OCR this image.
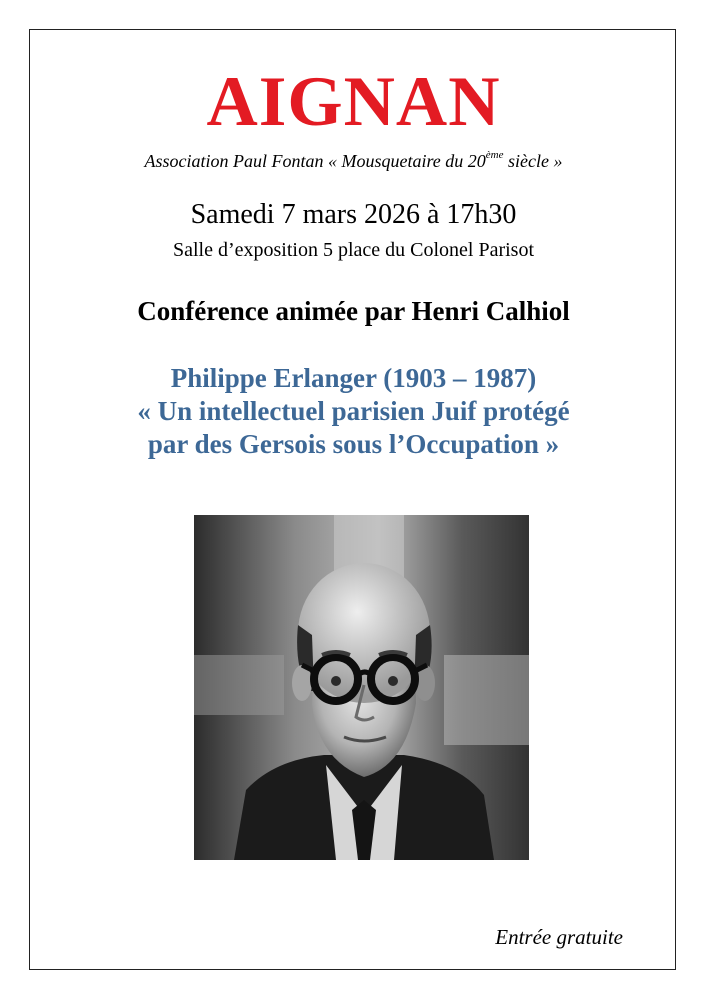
AIGNAN
Association Paul Fontan « Mousquetaire du 20ème siècle »
Samedi 7 mars 2026 à 17h30
Salle d’exposition 5 place du Colonel Parisot
Conférence animée par Henri Calhiol
Philippe Erlanger (1903 – 1987)
« Un intellectuel parisien Juif protégé
par des Gersois sous l’Occupation »
Entrée gratuite
